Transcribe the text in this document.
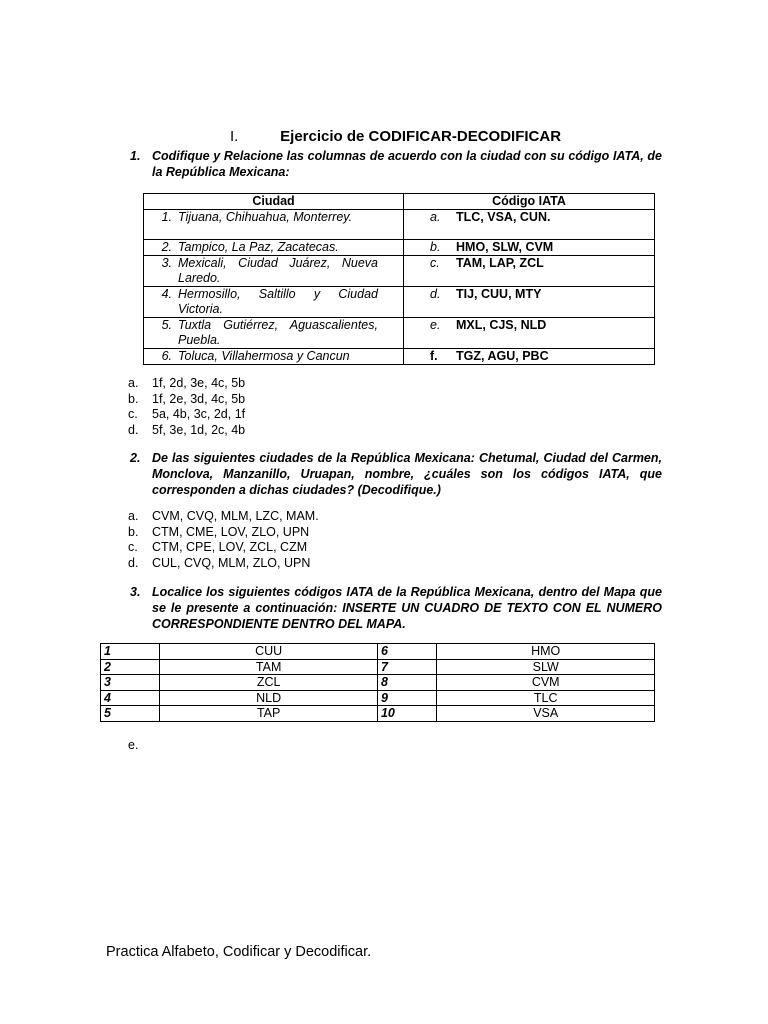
I.	Ejercicio de CODIFICAR-DECODIFICAR
1. Codifique y Relacione las columnas de acuerdo con la ciudad con su código IATA, de la República Mexicana:
Ciudad	Código IATA
1. Tijuana, Chihuahua, Monterrey.	a. TLC, VSA, CUN.
2. Tampico, La Paz, Zacatecas.	b. HMO, SLW, CVM
3. Mexicali, Ciudad Juárez, Nueva Laredo.	c. TAM, LAP, ZCL
4. Hermosillo, Saltillo y Ciudad Victoria.	d. TIJ, CUU, MTY
5. Tuxtla Gutiérrez, Aguascalientes, Puebla.	e. MXL, CJS, NLD
6. Toluca, Villahermosa y Cancun	f. TGZ, AGU, PBC
a. 1f, 2d, 3e, 4c, 5b
b. 1f, 2e, 3d, 4c, 5b
c. 5a, 4b, 3c, 2d, 1f
d. 5f, 3e, 1d, 2c, 4b
2. De las siguientes ciudades de la República Mexicana: Chetumal, Ciudad del Carmen, Monclova, Manzanillo, Uruapan, nombre, ¿cuáles son los códigos IATA, que corresponden a dichas ciudades? (Decodifique.)
a. CVM, CVQ, MLM, LZC, MAM.
b. CTM, CME, LOV, ZLO, UPN
c. CTM, CPE, LOV, ZCL, CZM
d. CUL, CVQ, MLM, ZLO, UPN
3. Localice los siguientes códigos IATA de la República Mexicana, dentro del Mapa que se le presente a continuación: INSERTE UN CUADRO DE TEXTO CON EL NUMERO CORRESPONDIENTE DENTRO DEL MAPA.
1	CUU	6	HMO
2	TAM	7	SLW
3	ZCL	8	CVM
4	NLD	9	TLC
5	TAP	10	VSA
e.
Practica Alfabeto, Codificar y Decodificar.
